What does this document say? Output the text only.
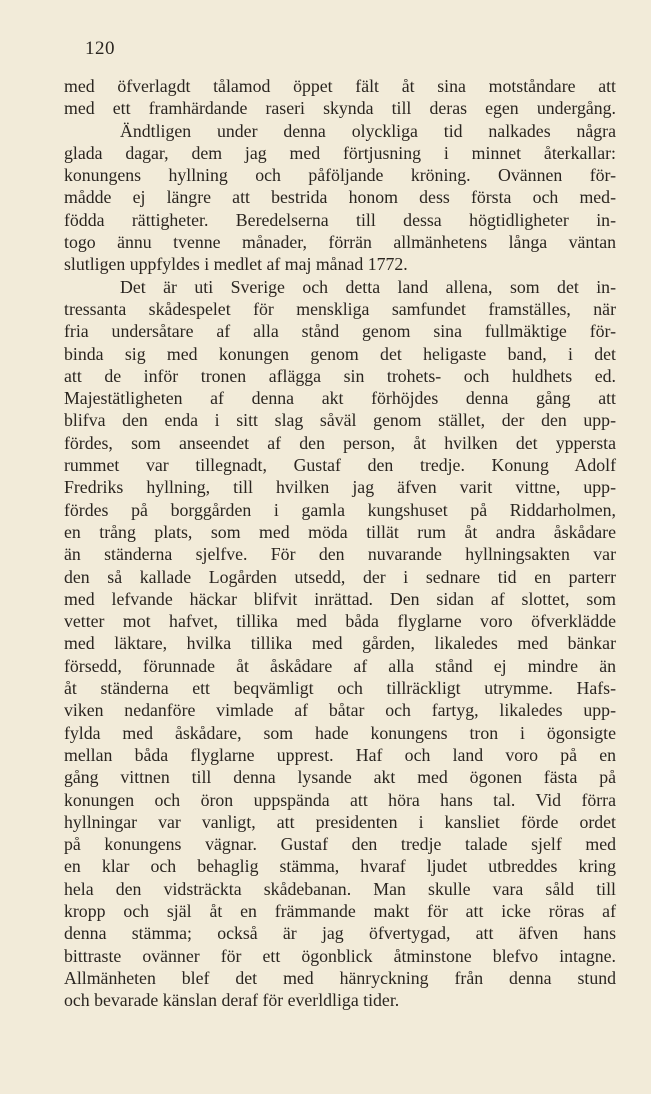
120
med öfverlagdt tålamod öppet fält åt sina motståndare att
med ett framhärdande raseri skynda till deras egen undergång.
Ändtligen under denna olyckliga tid nalkades några
glada dagar, dem jag med förtjusning i minnet återkallar:
konungens hyllning och påföljande kröning. Ovännen för-
mådde ej längre att bestrida honom dess första och med-
födda rättigheter. Beredelserna till dessa högtidligheter in-
togo ännu tvenne månader, förrän allmänhetens långa väntan
slutligen uppfyldes i medlet af maj månad 1772.
Det är uti Sverige och detta land allena, som det in-
tressanta skådespelet för menskliga samfundet framställes, när
fria undersåtare af alla stånd genom sina fullmäktige för-
binda sig med konungen genom det heligaste band, i det
att de inför tronen aflägga sin trohets- och huldhets ed.
Majestätligheten af denna akt förhöjdes denna gång att
blifva den enda i sitt slag såväl genom stället, der den upp-
fördes, som anseendet af den person, åt hvilken det yppersta
rummet var tillegnadt, Gustaf den tredje. Konung Adolf
Fredriks hyllning, till hvilken jag äfven varit vittne, upp-
fördes på borggården i gamla kungshuset på Riddarholmen,
en trång plats, som med möda tillät rum åt andra åskådare
än ständerna sjelfve. För den nuvarande hyllningsakten var
den så kallade Logården utsedd, der i sednare tid en parterr
med lefvande häckar blifvit inrättad. Den sidan af slottet, som
vetter mot hafvet, tillika med båda flyglarne voro öfverklädde
med läktare, hvilka tillika med gården, likaledes med bänkar
försedd, förunnade åt åskådare af alla stånd ej mindre än
åt ständerna ett beqvämligt och tillräckligt utrymme. Hafs-
viken nedanföre vimlade af båtar och fartyg, likaledes upp-
fylda med åskådare, som hade konungens tron i ögonsigte
mellan båda flyglarne upprest. Haf och land voro på en
gång vittnen till denna lysande akt med ögonen fästa på
konungen och öron uppspända att höra hans tal. Vid förra
hyllningar var vanligt, att presidenten i kansliet förde ordet
på konungens vägnar. Gustaf den tredje talade sjelf med
en klar och behaglig stämma, hvaraf ljudet utbreddes kring
hela den vidsträckta skådebanan. Man skulle vara såld till
kropp och själ åt en främmande makt för att icke röras af
denna stämma; också är jag öfvertygad, att äfven hans
bittraste ovänner för ett ögonblick åtminstone blefvo intagne.
Allmänheten blef det med hänryckning från denna stund
och bevarade känslan deraf för everldliga tider.
